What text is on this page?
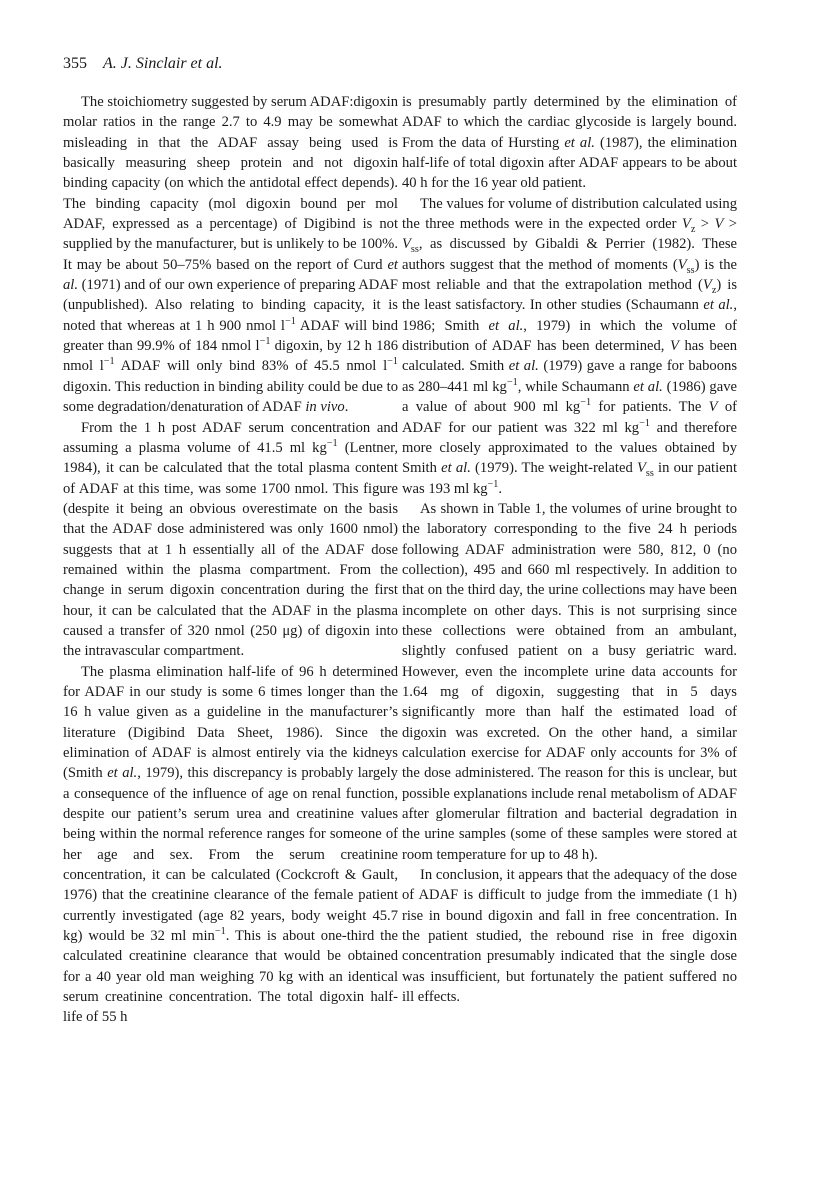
355 A. J. Sinclair et al.

The stoichiometry suggested by serum ADAF:digoxin molar ratios in the range 2.7 to 4.9 may be somewhat misleading in that the ADAF assay being used is basically measuring sheep protein and not digoxin binding capacity (on which the antidotal effect depends). The binding capacity (mol digoxin bound per mol ADAF, expressed as a percentage) of Digibind is not supplied by the manufacturer, but is unlikely to be 100%. It may be about 50–75% based on the report of Curd et al. (1971) and of our own experience of preparing ADAF (unpublished). Also relating to binding capacity, it is noted that whereas at 1 h 900 nmol $l^{-1}$ ADAF will bind greater than 99.9% of 184 nmol $l^{-1}$ digoxin, by 12 h 186 nmol $l^{-1}$ ADAF will only bind 83% of 45.5 nmol $l^{-1}$ digoxin. This reduction in binding ability could be due to some degradation/denaturation of ADAF in vivo.

From the 1 h post ADAF serum concentration and assuming a plasma volume of 41.5 ml $kg^{-1}$ (Lentner, 1984), it can be calculated that the total plasma content of ADAF at this time, was some 1700 nmol. This figure (despite it being an obvious overestimate on the basis that the ADAF dose administered was only 1600 nmol) suggests that at 1 h essentially all of the ADAF dose remained within the plasma compartment. From the change in serum digoxin concentration during the first hour, it can be calculated that the ADAF in the plasma caused a transfer of 320 nmol (250 μg) of digoxin into the intravascular compartment.

The plasma elimination half-life of 96 h determined for ADAF in our study is some 6 times longer than the 16 h value given as a guideline in the manufacturer’s literature (Digibind Data Sheet, 1986). Since the elimination of ADAF is almost entirely via the kidneys (Smith et al., 1979), this discrepancy is probably largely a consequence of the influence of age on renal function, despite our patient’s serum urea and creatinine values being within the normal reference ranges for someone of her age and sex. From the serum creatinine concentration, it can be calculated (Cockcroft & Gault, 1976) that the creatinine clearance of the female patient currently investigated (age 82 years, body weight 45.7 kg) would be 32 ml $\min^{-1}$. This is about one-third the calculated creatinine clearance that would be obtained for a 40 year old man weighing 70 kg with an identical serum creatinine concentration. The total digoxin half-life of 55 h

is presumably partly determined by the elimination of ADAF to which the cardiac glycoside is largely bound. From the data of Hursting et al. (1987), the elimination half-life of total digoxin after ADAF appears to be about 40 h for the 16 year old patient.

The values for volume of distribution calculated using the three methods were in the expected order $V_z > V > V_{ss}$, as discussed by Gibaldi & Perrier (1982). These authors suggest that the method of moments $(V_{ss})$ is the most reliable and that the extrapolation method $(V_z)$ is the least satisfactory. In other studies (Schaumann et al., 1986; Smith et al., 1979) in which the volume of distribution of ADAF has been determined, V has been calculated. Smith et al. (1979) gave a range for baboons as 280–441 ml $kg^{-1}$, while Schaumann et al. (1986) gave a value of about 900 ml $kg^{-1}$ for patients. The V of ADAF for our patient was 322 ml $kg^{-1}$ and therefore more closely approximated to the values obtained by Smith et al. (1979). The weight-related $V_{ss}$ in our patient was 193 ml $kg^{-1}$.

As shown in Table 1, the volumes of urine brought to the laboratory corresponding to the five 24 h periods following ADAF administration were 580, 812, 0 (no collection), 495 and 660 ml respectively. In addition to that on the third day, the urine collections may have been incomplete on other days. This is not surprising since these collections were obtained from an ambulant, slightly confused patient on a busy geriatric ward. However, even the incomplete urine data accounts for 1.64 mg of digoxin, suggesting that in 5 days significantly more than half the estimated load of digoxin was excreted. On the other hand, a similar calculation exercise for ADAF only accounts for 3% of the dose administered. The reason for this is unclear, but possible explanations include renal metabolism of ADAF after glomerular filtration and bacterial degradation in the urine samples (some of these samples were stored at room temperature for up to 48 h).

In conclusion, it appears that the adequacy of the dose of ADAF is difficult to judge from the immediate (1 h) rise in bound digoxin and fall in free concentration. In the patient studied, the rebound rise in free digoxin concentration presumably indicated that the single dose was insufficient, but fortunately the patient suffered no ill effects.
